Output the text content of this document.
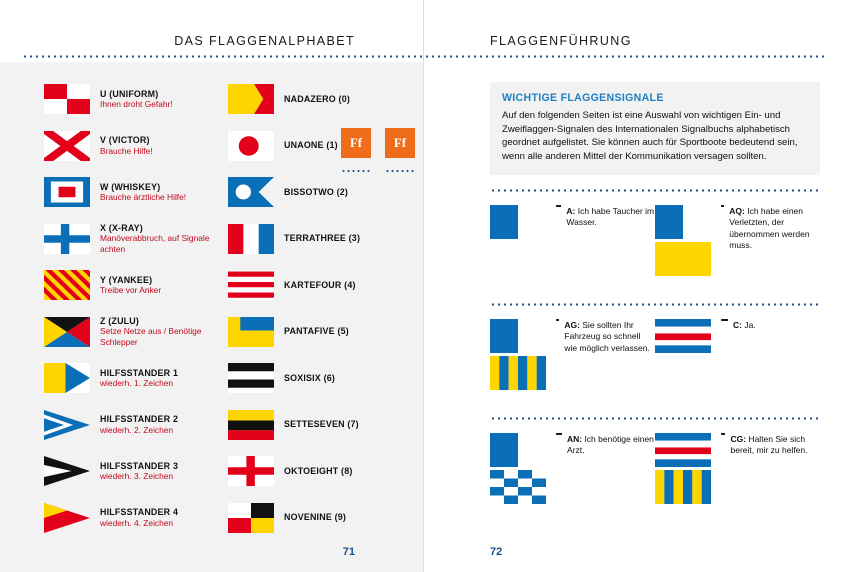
DAS FLAGGENALPHABET
U (UNIFORM)
Ihnen droht Gefahr!
V (VICTOR)
Brauche Hilfe!
W (WHISKEY)
Brauche ärztliche Hilfe!
X (X-RAY)
Manöverabbruch, auf Signale achten
Y (YANKEE)
Treibe vor Anker
Z (ZULU)
Setze Netze aus / Benötige Schlepper
HILFSSTANDER 1
wiederh. 1. Zeichen
HILFSSTANDER 2
wiederh. 2. Zeichen
HILFSSTANDER 3
wiederh. 3. Zeichen
HILFSSTANDER 4
wiederh. 4. Zeichen
NADAZERO (0)
UNAONE (1)
BISSOTWO (2)
TERRATHREE (3)
KARTEFOUR (4)
PANTAFIVE (5)
SOXISIX (6)
SETTESEVEN (7)
OKTOEIGHT (8)
NOVENINE (9)
Ff	Ff
71
FLAGGENFÜHRUNG
WICHTIGE FLAGGENSIGNALE

Auf den folgenden Seiten ist eine Auswahl von wichtigen Ein- und Zweiflaggen-Signalen des Internationalen Signalbuchs alphabetisch geordnet aufgelistet. Sie können auch für Sportboote bedeutend sein, wenn alle anderen Mittel der Kommunikation versagen sollten.

A: Ich habe Taucher im Wasser.
AQ: Ich habe einen Verletzten, der übernommen werden muss.
AG: Sie sollten Ihr Fahrzeug so schnell wie möglich verlassen.
C: Ja.
AN: Ich benötige einen Arzt.
CG: Halten Sie sich bereit, mir zu helfen.
72
